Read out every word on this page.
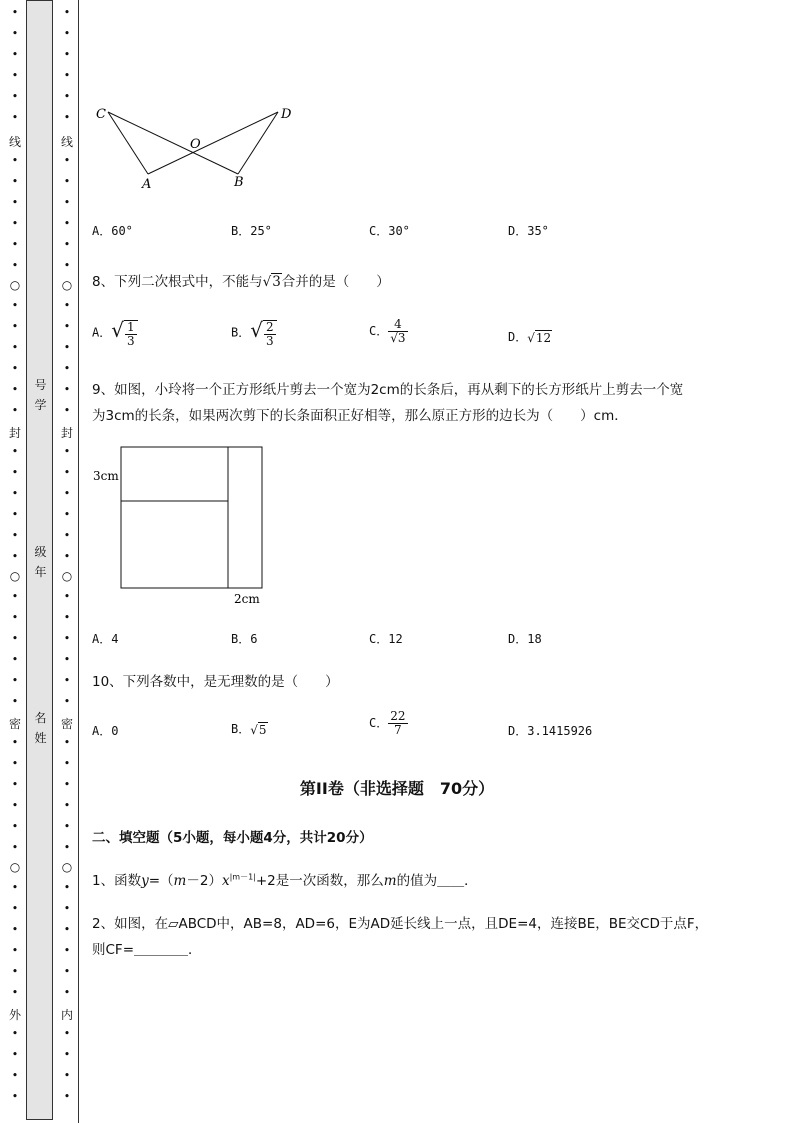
•
•
•
•
•
•
线
•
•
•
•
•
•
○
•
•
•
•
•
•
封
•
•
•
•
•
•
○
•
•
•
•
•
•
密
•
•
•
•
•
•
○
•
•
•
•
•
•
外
•
•
•
•
号
学
级
年
名
姓
•
•
•
•
•
•
线
•
•
•
•
•
•
○
•
•
•
•
•
•
封
•
•
•
•
•
•
○
•
•
•
•
•
•
密
•
•
•
•
•
•
○
•
•
•
•
•
•
内
•
•
•
•
C	D
O
A	B
A．60°	B．25°	C．30°	D．35°
8、下列二次根式中，不能与√3合并的是（　　）
A．√ $\frac{1}{3}$	B．√ $\frac{2}{3}$	C． $\frac{4}{√3}$	D．√12
9、如图，小玲将一个正方形纸片剪去一个宽为2cm的长条后，再从剩下的长方形纸片上剪去一个宽
为3cm的长条，如果两次剪下的长条面积正好相等，那么原正方形的边长为（　　）cm．
3cm
2cm
A．4	B．6	C．12	D．18
10、下列各数中，是无理数的是（　　）
A．0	B．√5	C． $\frac{22}{7}$	D．3.1415926
第II卷（非选择题　70分）
二、填空题（5小题，每小题4分，共计20分）
1、函数$y=(m-2)x^{|m-1|}+2$是一次函数，那么m的值为＿＿．
2、如图，在▱ABCD中，AB=8，AD=6，E为AD延长线上一点，且DE=4，连接BE，BE交CD于点F，
则CF=＿＿＿＿．
